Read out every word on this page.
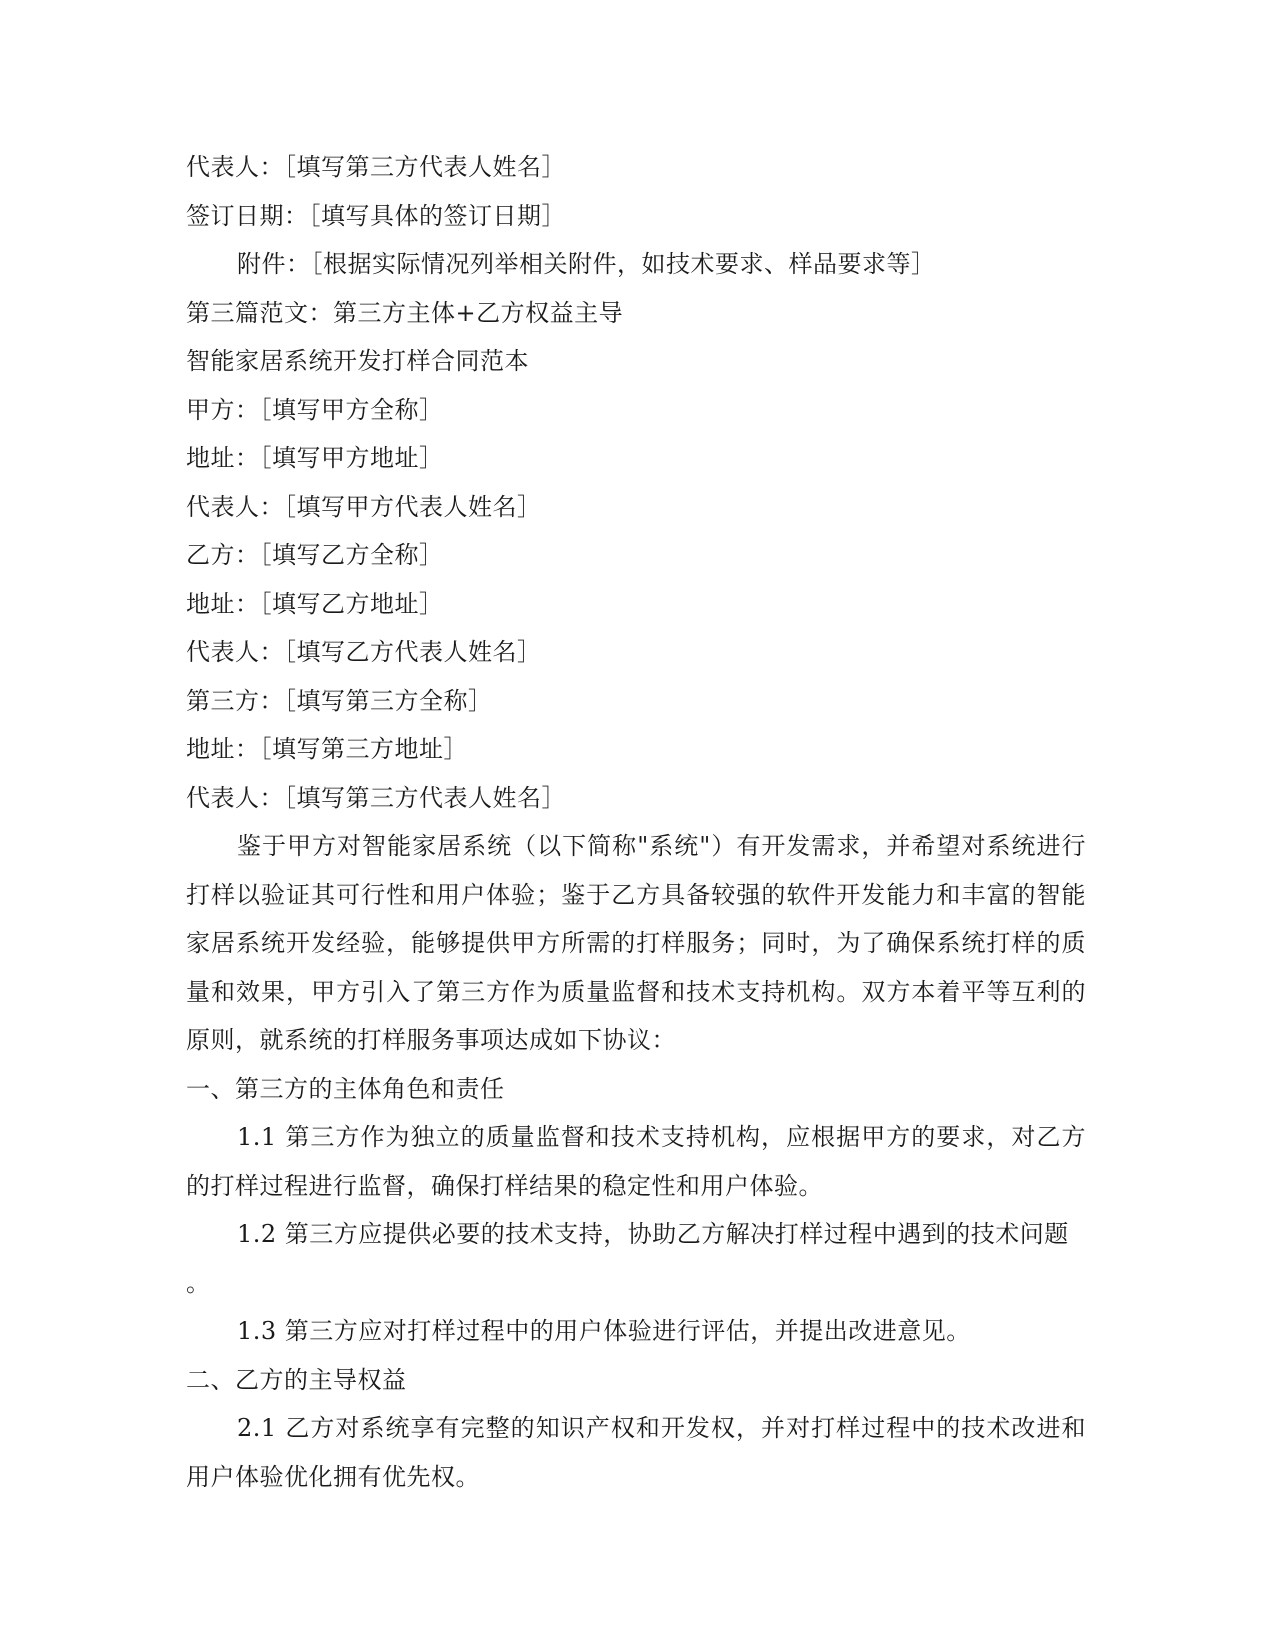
代表人：［填写第三方代表人姓名］
签订日期：［填写具体的签订日期］
附件：［根据实际情况列举相关附件，如技术要求、样品要求等］
第三篇范文：第三方主体+乙方权益主导
智能家居系统开发打样合同范本
甲方：［填写甲方全称］
地址：［填写甲方地址］
代表人：［填写甲方代表人姓名］
乙方：［填写乙方全称］
地址：［填写乙方地址］
代表人：［填写乙方代表人姓名］
第三方：［填写第三方全称］
地址：［填写第三方地址］
代表人：［填写第三方代表人姓名］

鉴于甲方对智能家居系统（以下简称"系统"）有开发需求，并希望对系统进行打样以验证其可行性和用户体验；鉴于乙方具备较强的软件开发能力和丰富的智能家居系统开发经验，能够提供甲方所需的打样服务；同时，为了确保系统打样的质量和效果，甲方引入了第三方作为质量监督和技术支持机构。双方本着平等互利的原则，就系统的打样服务事项达成如下协议：

一、第三方的主体角色和责任

1.1 第三方作为独立的质量监督和技术支持机构，应根据甲方的要求，对乙方的打样过程进行监督，确保打样结果的稳定性和用户体验。

1.2 第三方应提供必要的技术支持，协助乙方解决打样过程中遇到的技术问题

。

1.3 第三方应对打样过程中的用户体验进行评估，并提出改进意见。

二、乙方的主导权益

2.1 乙方对系统享有完整的知识产权和开发权，并对打样过程中的技术改进和用户体验优化拥有优先权。
